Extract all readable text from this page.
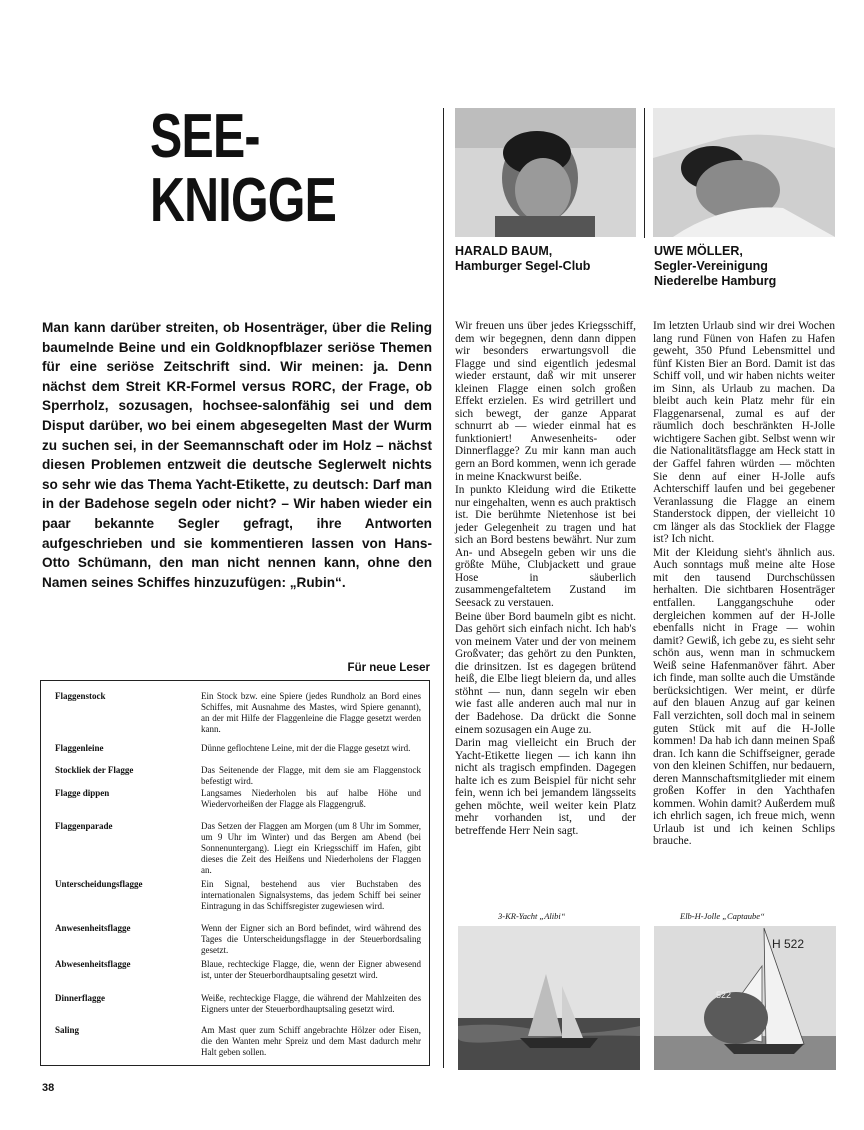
SEE-
KNIGGE
Man kann darüber streiten, ob Hosenträger, über die Reling baumelnde Beine und ein Goldknopfblazer seriöse Themen für eine seriöse Zeitschrift sind. Wir meinen: ja. Denn nächst dem Streit KR-Formel versus RORC, der Frage, ob Sperrholz, sozusagen, hochsee-salonfähig sei und dem Disput darüber, wo bei einem abgesegelten Mast der Wurm zu suchen sei, in der Seemannschaft oder im Holz – nächst diesen Problemen entzweit die deutsche Seglerwelt nichts so sehr wie das Thema Yacht-Etikette, zu deutsch: Darf man in der Badehose segeln oder nicht? – Wir haben wieder ein paar bekannte Segler gefragt, ihre Antworten aufgeschrieben und sie kommentieren lassen von Hans-Otto Schümann, den man nicht nennen kann, ohne den Namen seines Schiffes hinzuzufügen: „Rubin“.
Für neue Leser
Flaggenstock	Ein Stock bzw. eine Spiere (jedes Rundholz an Bord eines Schiffes, mit Ausnahme des Mastes, wird Spiere genannt), an der mit Hilfe der Flaggenleine die Flagge gesetzt werden kann.
Flaggenleine	Dünne geflochtene Leine, mit der die Flagge gesetzt wird.
Stockliek der Flagge	Das Seitenende der Flagge, mit dem sie am Flaggenstock befestigt wird.
Flagge dippen	Langsames Niederholen bis auf halbe Höhe und Wiedervorheißen der Flagge als Flaggengruß.
Flaggenparade	Das Setzen der Flaggen am Morgen (um 8 Uhr im Sommer, um 9 Uhr im Winter) und das Bergen am Abend (bei Sonnenuntergang). Liegt ein Kriegsschiff im Hafen, gibt dieses die Zeit des Heißens und Niederholens der Flaggen an.
Unterscheidungsflagge	Ein Signal, bestehend aus vier Buchstaben des internationalen Signalsystems, das jedem Schiff bei seiner Eintragung in das Schiffsregister zugewiesen wird.
Anwesenheitsflagge	Wenn der Eigner sich an Bord befindet, wird während des Tages die Unterscheidungsflagge in der Steuerbordsaling gesetzt.
Abwesenheitsflagge	Blaue, rechteckige Flagge, die, wenn der Eigner abwesend ist, unter der Steuerbordhauptsaling gesetzt wird.
Dinnerflagge	Weiße, rechteckige Flagge, die während der Mahlzeiten des Eigners unter der Steuerbordhauptsaling gesetzt wird.
Saling	Am Mast quer zum Schiff angebrachte Hölzer oder Eisen, die den Wanten mehr Spreiz und dem Mast dadurch mehr Halt geben sollen.
HARALD BAUM,
Hamburger Segel-Club
UWE MÖLLER,
Segler-Vereinigung Niederelbe Hamburg

Wir freuen uns über jedes Kriegsschiff, dem wir begegnen, denn dann dippen wir besonders erwartungsvoll die Flagge und sind eigentlich jedesmal wieder erstaunt, daß wir mit unserer kleinen Flagge einen solch großen Effekt erzielen. Es wird getrillert und sich bewegt, der ganze Apparat schnurrt ab — wieder einmal hat es funktioniert! Anwesenheits- oder Dinnerflagge? Zu mir kann man auch gern an Bord kommen, wenn ich gerade in meine Knackwurst beiße.

In punkto Kleidung wird die Etikette nur eingehalten, wenn es auch praktisch ist. Die berühmte Nietenhose ist bei jeder Gelegenheit zu tragen und hat sich an Bord bestens bewährt. Nur zum An- und Absegeln geben wir uns die größte Mühe, Clubjackett und graue Hose in säuberlich zusammengefaltetem Zustand im Seesack zu verstauen.

Beine über Bord baumeln gibt es nicht. Das gehört sich einfach nicht. Ich hab's von meinem Vater und der von meinem Großvater; das gehört zu den Punkten, die drinsitzen. Ist es dagegen brütend heiß, die Elbe liegt bleiern da, und alles stöhnt — nun, dann segeln wir eben wie fast alle anderen auch mal nur in der Badehose. Da drückt die Sonne einem sozusagen ein Auge zu.

Darin mag vielleicht ein Bruch der Yacht-Etikette liegen — ich kann ihn nicht als tragisch empfinden. Dagegen halte ich es zum Beispiel für nicht sehr fein, wenn ich bei jemandem längsseits gehen möchte, weil weiter kein Platz mehr vorhanden ist, und der betreffende Herr Nein sagt.

Im letzten Urlaub sind wir drei Wochen lang rund Fünen von Hafen zu Hafen geweht, 350 Pfund Lebensmittel und fünf Kisten Bier an Bord. Damit ist das Schiff voll, und wir haben nichts weiter im Sinn, als Urlaub zu machen. Da bleibt auch kein Platz mehr für ein Flaggenarsenal, zumal es auf der räumlich doch beschränkten H-Jolle wichtigere Sachen gibt. Selbst wenn wir die Nationalitätsflagge am Heck statt in der Gaffel fahren würden — möchten Sie denn auf einer H-Jolle aufs Achterschiff laufen und bei gegebener Veranlassung die Flagge an einem Standerstock dippen, der vielleicht 10 cm länger als das Stockliek der Flagge ist? Ich nicht.

Mit der Kleidung sieht's ähnlich aus. Auch sonntags muß meine alte Hose mit den tausend Durchschüssen herhalten. Die sichtbaren Hosenträger entfallen. Langgangschuhe oder dergleichen kommen auf der H-Jolle ebenfalls nicht in Frage — wohin damit? Gewiß, ich gebe zu, es sieht sehr schön aus, wenn man in schmuckem Weiß seine Hafenmanöver fährt. Aber ich finde, man sollte auch die Umstände berücksichtigen. Wer meint, er dürfe auf den blauen Anzug auf gar keinen Fall verzichten, soll doch mal in seinem guten Stück mit auf die H-Jolle kommen! Da hab ich dann meinen Spaß dran. Ich kann die Schiffseigner, gerade von den kleinen Schiffen, nur bedauern, deren Mannschaftsmitglieder mit einem großen Koffer in den Yachthafen kommen. Wohin damit? Außerdem muß ich ehrlich sagen, ich freue mich, wenn Urlaub ist und ich keinen Schlips brauche.

3-KR-Yacht „Alibi“	Elb-H-Jolle „Captaube“
H 522
522
38
